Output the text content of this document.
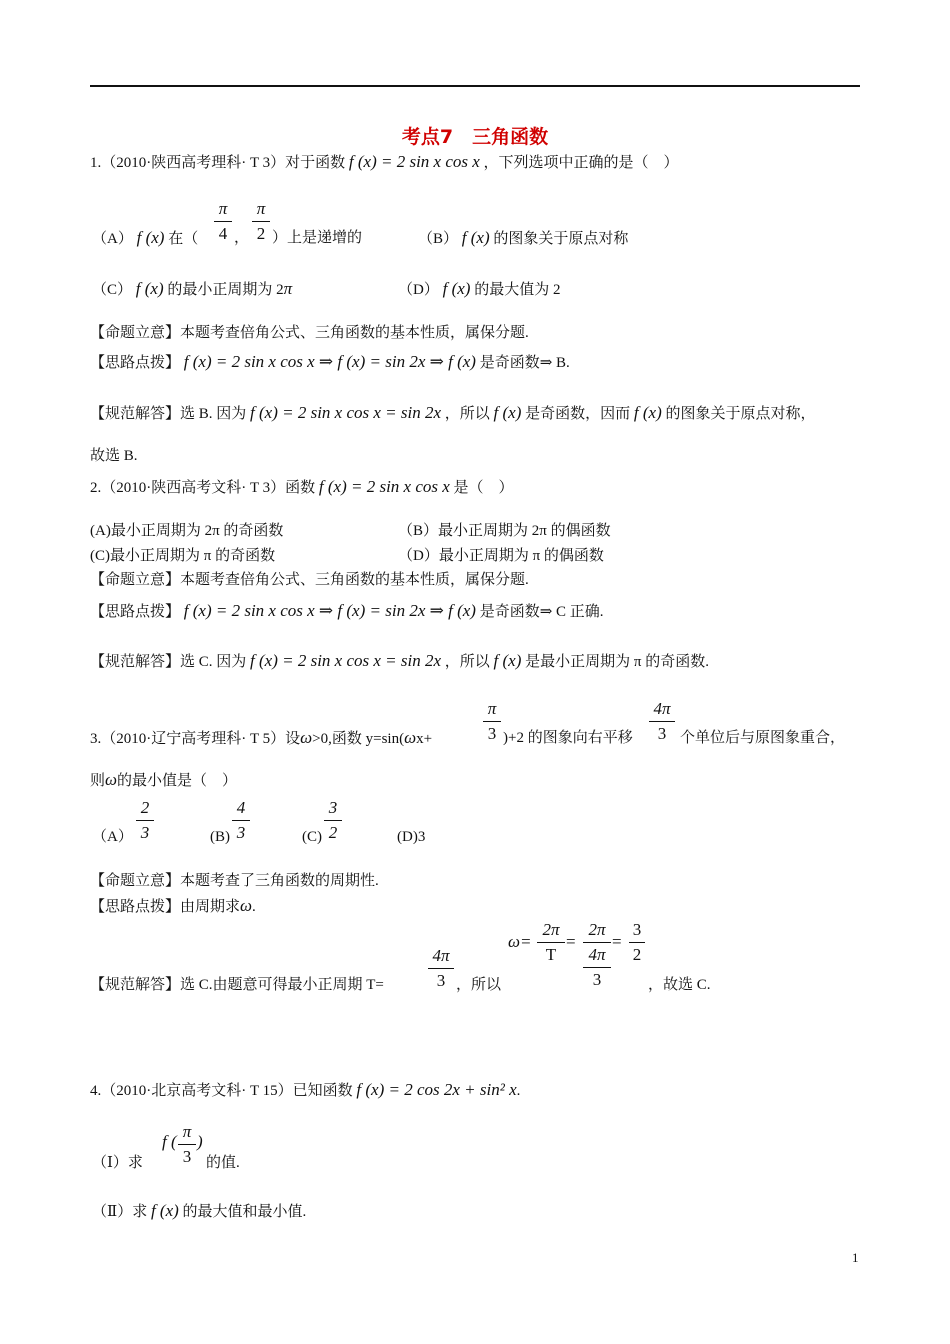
考点7　三角函数
1.（2010·陕西高考理科· T 3）对于函数 f (x) = 2 sin x cos x ，下列选项中正确的是（　）
（A） f (x) 在（
π
4 ，
π
2 ）上是递增的	（B） f (x) 的图象关于原点对称
（C） f (x) 的最小正周期为 2π	（D） f (x) 的最大值为 2
【命题立意】本题考查倍角公式、三角函数的基本性质，属保分题.
【思路点拨】 f (x) = 2 sin x cos x ⇒ f (x) = sin 2x ⇒ f (x) 是奇函数⇒ B.
【规范解答】选 B. 因为 f (x) = 2 sin x cos x = sin 2x ，所以 f (x) 是奇函数，因而 f (x) 的图象关于原点对称，
故选 B.
2.（2010·陕西高考文科· T 3）函数 f (x) = 2 sin x cos x 是（　）
(A)最小正周期为 2π 的奇函数	（B）最小正周期为 2π 的偶函数
(C)最小正周期为 π 的奇函数	（D）最小正周期为 π 的偶函数
【命题立意】本题考查倍角公式、三角函数的基本性质，属保分题.
【思路点拨】 f (x) = 2 sin x cos x ⇒ f (x) = sin 2x ⇒ f (x) 是奇函数⇒ C 正确.
【规范解答】选 C. 因为 f (x) = 2 sin x cos x = sin 2x ，所以 f (x) 是最小正周期为 π 的奇函数.
3.（2010·辽宁高考理科· T 5）设ω>0,函数 y=sin(ωx+
π
3 )+2 的图象向右平移
4π
3 个单位后与原图象重合，
则ω的最小值是（　）
（A）
2
3	(B)
4
3	(C)
3
2	(D)3
【命题立意】本题考查了三角函数的周期性.
【思路点拨】由周期求ω.
【规范解答】选 C.由题意可得最小正周期 T=
4π
3 ，所以
ω=
2π
T
=
2π
4π
3
=
3
2
，故选 C.
4.（2010·北京高考文科· T 15）已知函数 f (x) = 2 cos 2x + sin² x.
（Ⅰ）求
f (
π
3
)
的值.
（Ⅱ）求 f (x) 的最大值和最小值.
1
